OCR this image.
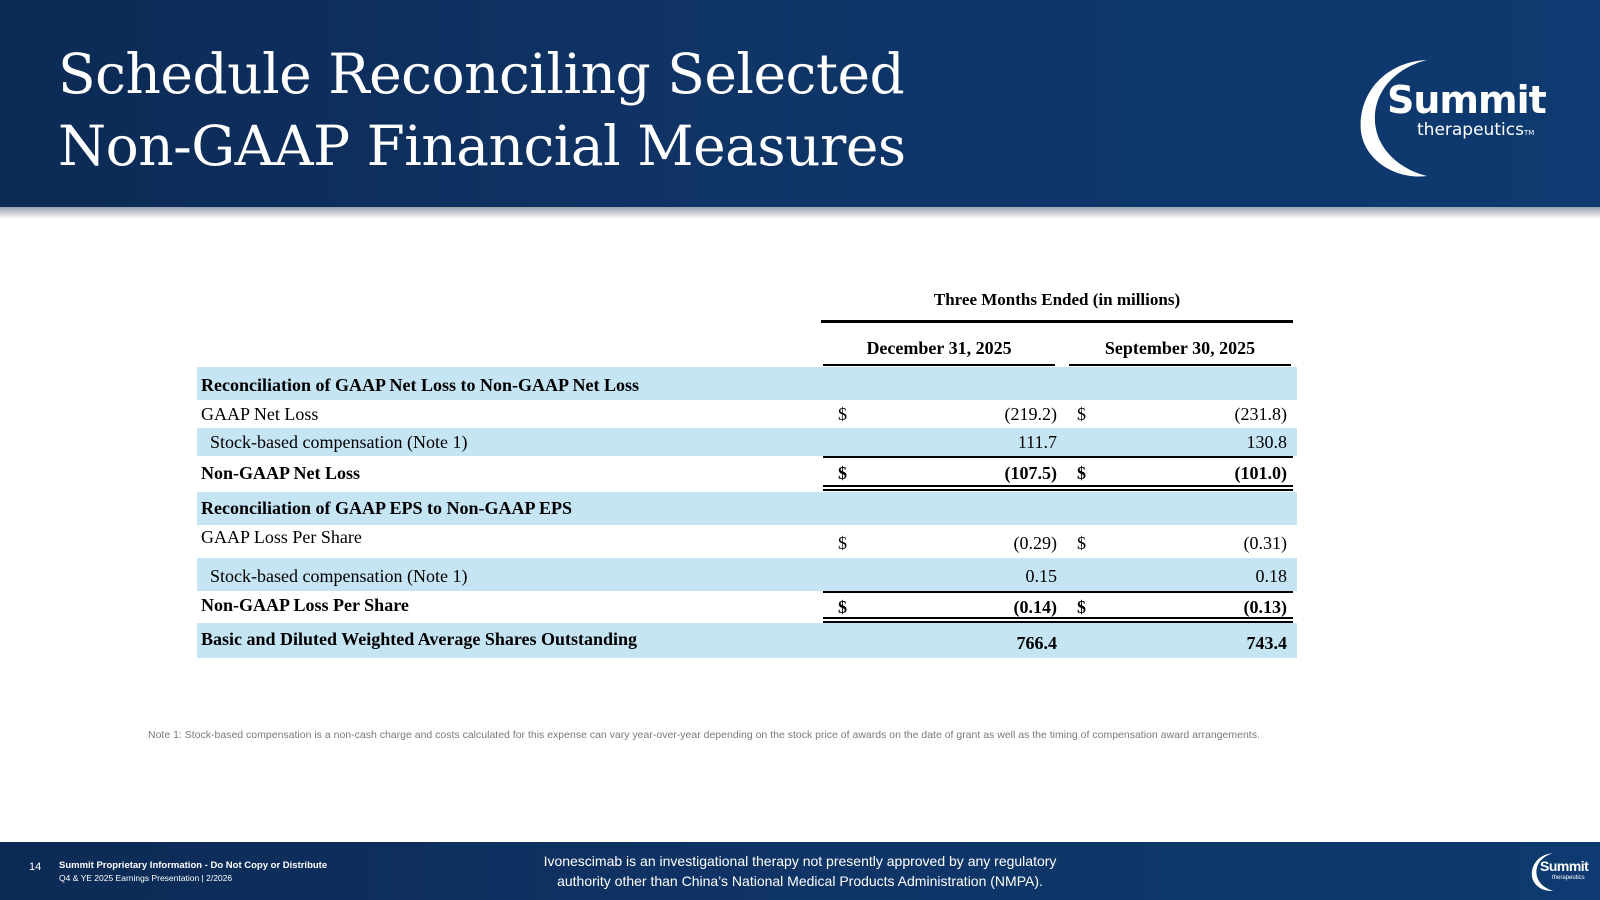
Schedule Reconciling Selected
Non-GAAP Financial Measures
Summit
therapeuticsTM
Three Months Ended (in millions)
December 31, 2025	September 30, 2025
Reconciliation of GAAP Net Loss to Non-GAAP Net Loss
GAAP Net Loss	$	(219.2) $	(231.8)
Stock-based compensation (Note 1)	111.7	130.8
Non-GAAP Net Loss	$	(107.5) $	(101.0)
Reconciliation of GAAP EPS to Non-GAAP EPS
GAAP Loss Per Share	$	(0.29) $	(0.31)
Stock-based compensation (Note 1)	0.15	0.18
Non-GAAP Loss Per Share	$	(0.14) $	(0.13)
Basic and Diluted Weighted Average Shares Outstanding	766.4	743.4
Note 1: Stock-based compensation is a non-cash charge and costs calculated for this expense can vary year-over-year depending on the stock price of awards on the date of grant as well as the timing of compensation award arrangements.
14 Summit Proprietary Information - Do Not Copy or Distribute
Q4 & YE 2025 Earnings Presentation | 2/2026
Ivonescimab is an investigational therapy not presently approved by any regulatory
authority other than China’s National Medical Products Administration (NMPA).
Summit
therapeutics
